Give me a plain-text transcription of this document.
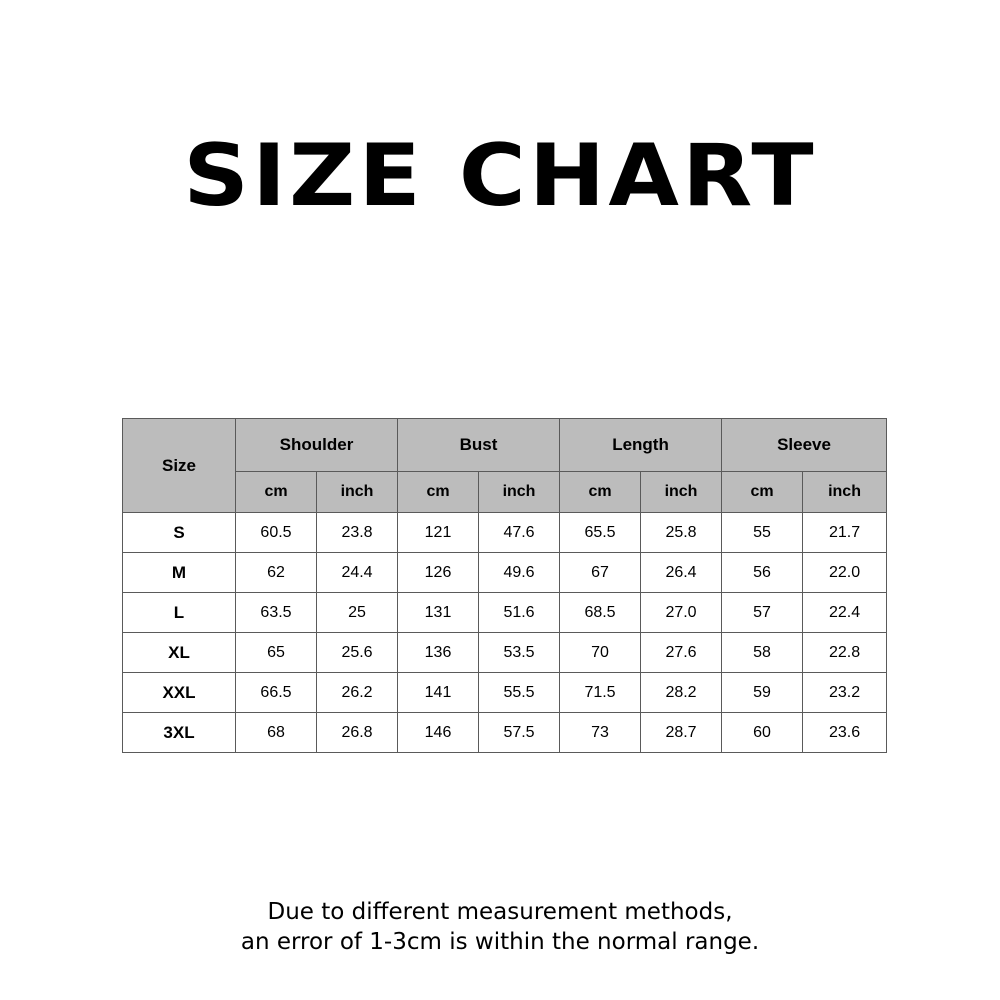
SIZE CHART
Size	Shoulder		Bust		Length		Sleeve	
	cm	inch	cm	inch	cm	inch	cm	inch
S	60.5	23.8	121	47.6	65.5	25.8	55	21.7
M	62	24.4	126	49.6	67	26.4	56	22.0
L	63.5	25	131	51.6	68.5	27.0	57	22.4
XL	65	25.6	136	53.5	70	27.6	58	22.8
XXL	66.5	26.2	141	55.5	71.5	28.2	59	23.2
3XL	68	26.8	146	57.5	73	28.7	60	23.6
Due to different measurement methods,
an error of 1-3cm is within the normal range.
